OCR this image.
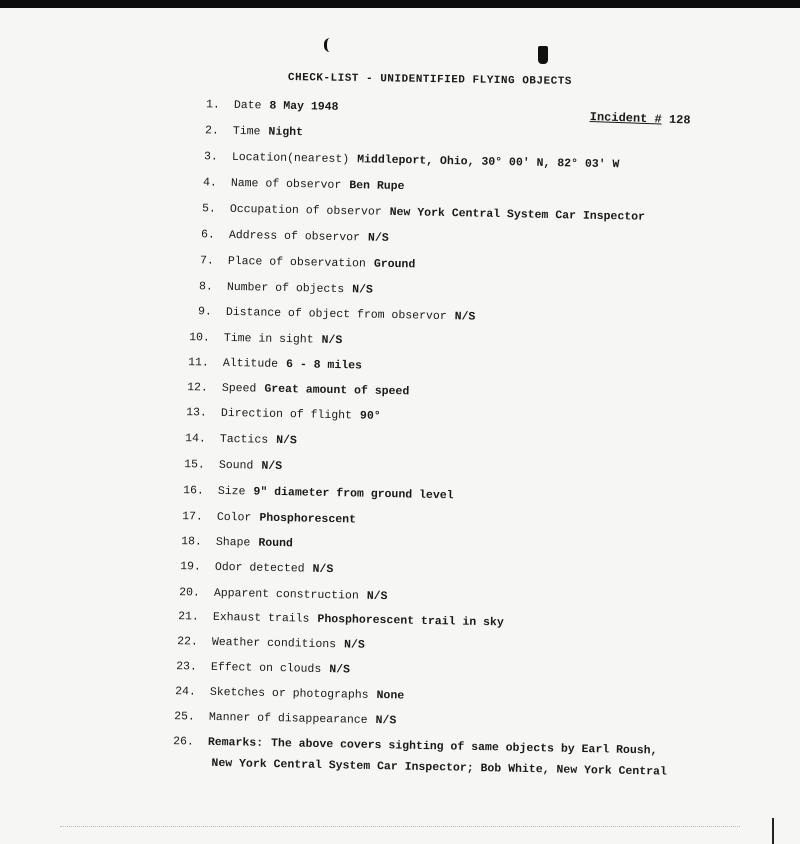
CHECK-LIST - UNIDENTIFIED FLYING OBJECTS
Incident # 128
1. Date 8 May 1948
2. Time Night
3. Location(nearest) Middleport, Ohio, 30° 00' N, 82° 03' W
4. Name of observor Ben Rupe
5. Occupation of observor New York Central System Car Inspector
6. Address of observor N/S
7. Place of observation Ground
8. Number of objects N/S
9. Distance of object from observor N/S
10. Time in sight N/S
11. Altitude 6 - 8 miles
12. Speed Great amount of speed
13. Direction of flight 90°
14. Tactics N/S
15. Sound N/S
16. Size 9" diameter from ground level
17. Color Phosphorescent
18. Shape Round
19. Odor detected N/S
20. Apparent construction N/S
21. Exhaust trails Phosphorescent trail in sky
22. Weather conditions N/S
23. Effect on clouds N/S
24. Sketches or photographs None
25. Manner of disappearance N/S
26. Remarks: The above covers sighting of same objects by Earl Roush,
New York Central System Car Inspector; Bob White, New York Central
